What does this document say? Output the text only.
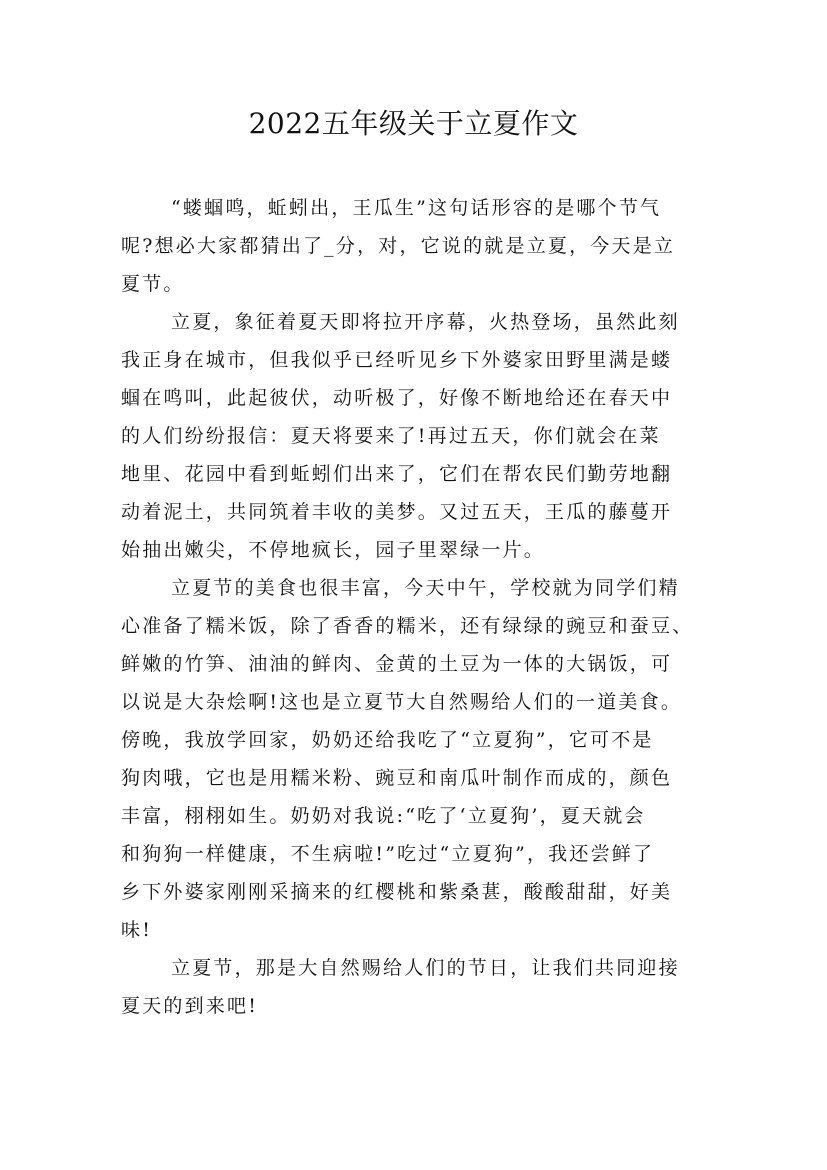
2022五年级关于立夏作文
“蝼蝈鸣，蚯蚓出，王瓜生”这句话形容的是哪个节气
呢?想必大家都猜出了_分，对，它说的就是立夏，今天是立
夏节。
立夏，象征着夏天即将拉开序幕，火热登场，虽然此刻
我正身在城市，但我似乎已经听见乡下外婆家田野里满是蝼
蝈在鸣叫，此起彼伏，动听极了，好像不断地给还在春天中
的人们纷纷报信：夏天将要来了!再过五天，你们就会在菜
地里、花园中看到蚯蚓们出来了，它们在帮农民们勤劳地翻
动着泥土，共同筑着丰收的美梦。又过五天，王瓜的藤蔓开
始抽出嫩尖，不停地疯长，园子里翠绿一片。
立夏节的美食也很丰富，今天中午，学校就为同学们精
心准备了糯米饭，除了香香的糯米，还有绿绿的豌豆和蚕豆、
鲜嫩的竹笋、油油的鲜肉、金黄的土豆为一体的大锅饭，可
以说是大杂烩啊!这也是立夏节大自然赐给人们的一道美食。
傍晚，我放学回家，奶奶还给我吃了“立夏狗”，它可不是
狗肉哦，它也是用糯米粉、豌豆和南瓜叶制作而成的，颜色
丰富，栩栩如生。奶奶对我说:“吃了‘立夏狗’，夏天就会
和狗狗一样健康，不生病啦!”吃过“立夏狗”，我还尝鲜了
乡下外婆家刚刚采摘来的红樱桃和紫桑葚，酸酸甜甜，好美
味!
立夏节，那是大自然赐给人们的节日，让我们共同迎接
夏天的到来吧!
